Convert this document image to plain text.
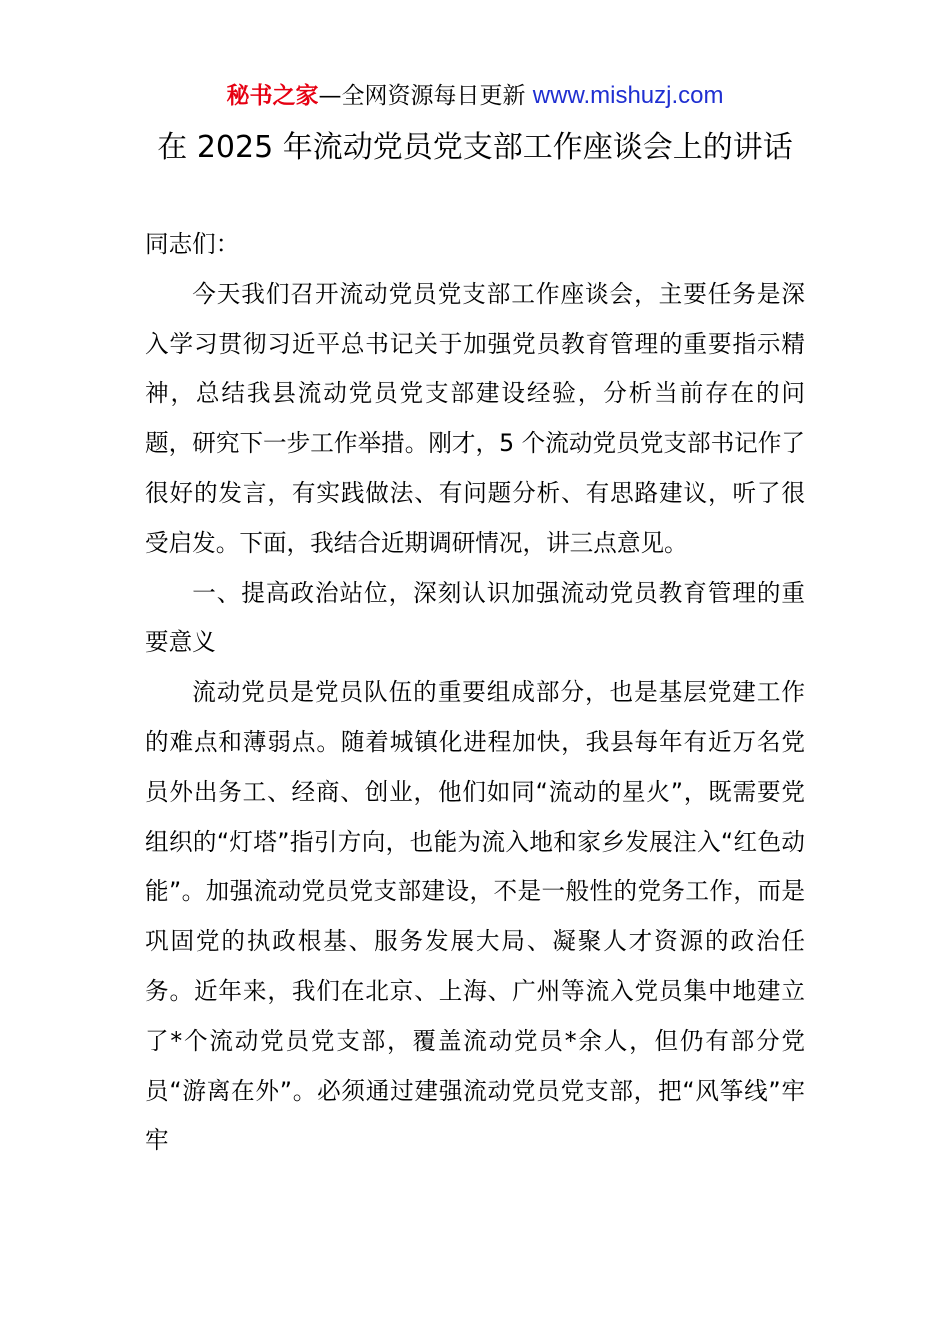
秘书之家—全网资源每日更新 www.mishuzj.com
在 2025 年流动党员党支部工作座谈会上的讲话

同志们：

今天我们召开流动党员党支部工作座谈会，主要任务是深入学习贯彻习近平总书记关于加强党员教育管理的重要指示精神，总结我县流动党员党支部建设经验，分析当前存在的问题，研究下一步工作举措。刚才，5 个流动党员党支部书记作了很好的发言，有实践做法、有问题分析、有思路建议，听了很受启发。下面，我结合近期调研情况，讲三点意见。

一、提高政治站位，深刻认识加强流动党员教育管理的重要意义

流动党员是党员队伍的重要组成部分，也是基层党建工作的难点和薄弱点。随着城镇化进程加快，我县每年有近万名党员外出务工、经商、创业，他们如同“流动的星火”，既需要党组织的“灯塔”指引方向，也能为流入地和家乡发展注入“红色动能”。加强流动党员党支部建设，不是一般性的党务工作，而是巩固党的执政根基、服务发展大局、凝聚人才资源的政治任务。近年来，我们在北京、上海、广州等流入党员集中地建立了*个流动党员党支部，覆盖流动党员*余人，但仍有部分党员“游离在外”。必须通过建强流动党员党支部，把“风筝线”牢牢
